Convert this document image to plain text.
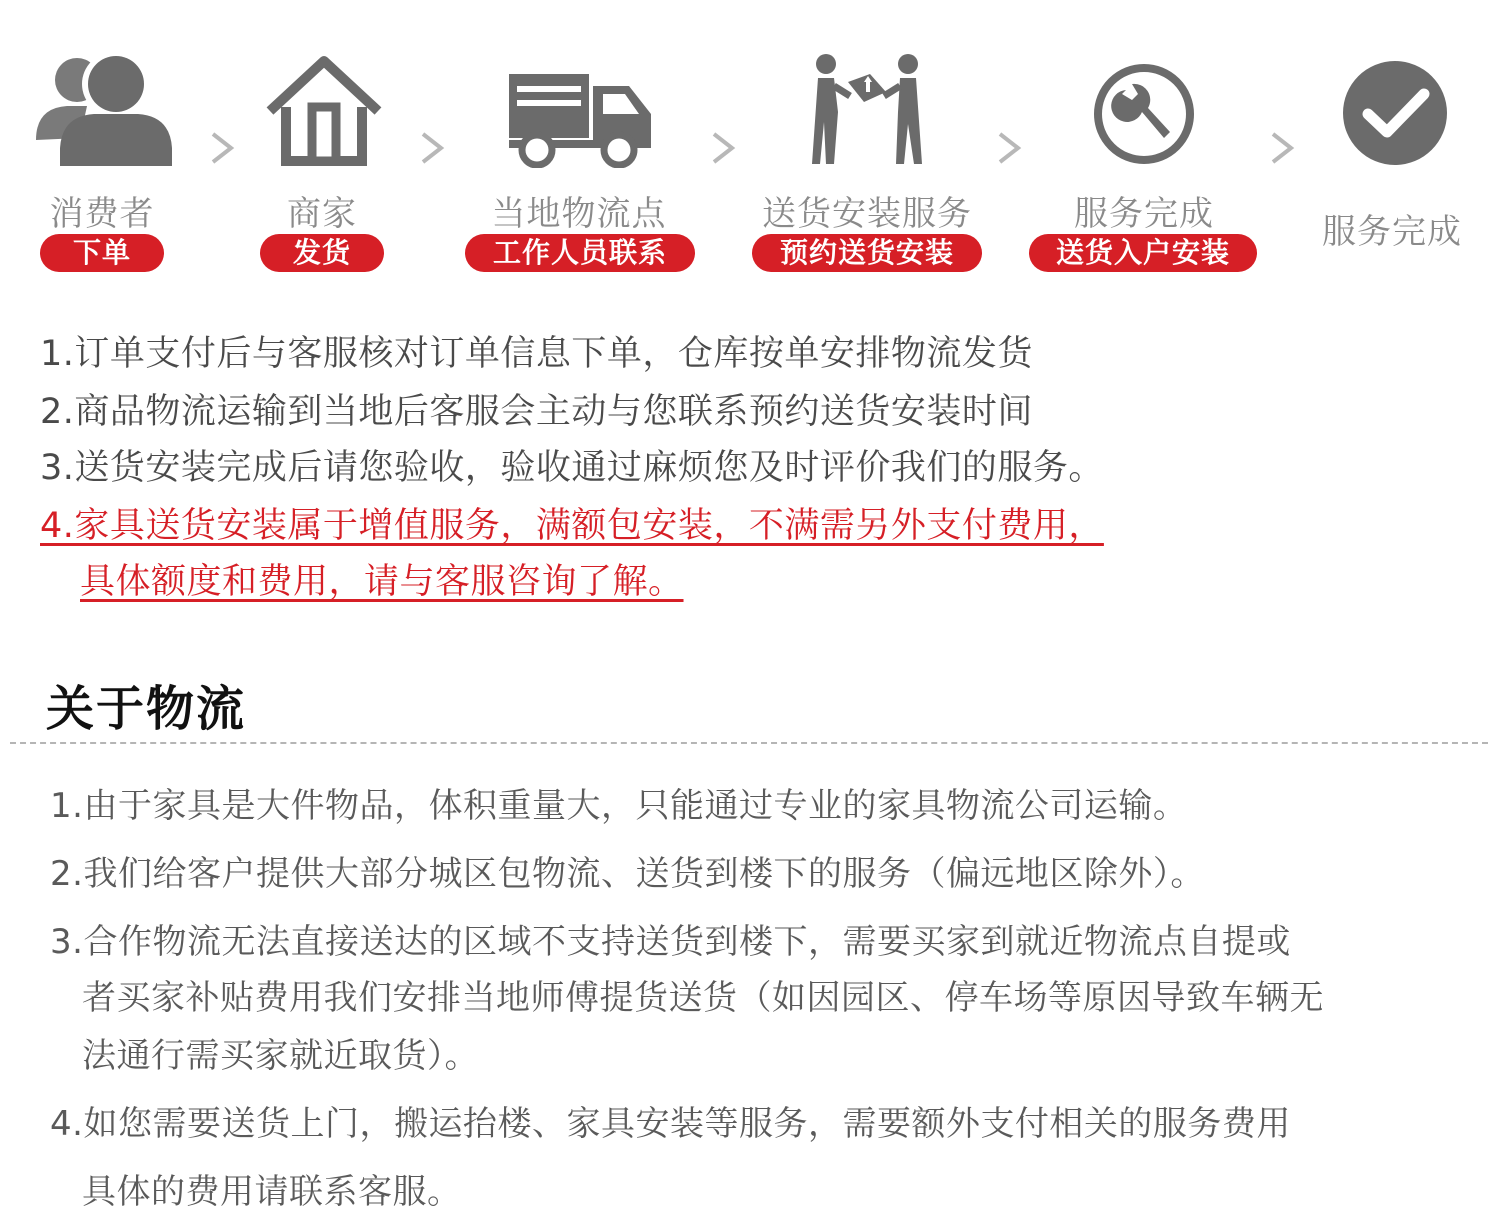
消费者	商家	当地物流点	送货安装服务	服务完成	服务完成
下单	发货	工作人员联系	预约送货安装	送货入户安装
1.订单支付后与客服核对订单信息下单，仓库按单安排物流发货
2.商品物流运输到当地后客服会主动与您联系预约送货安装时间
3.送货安装完成后请您验收，验收通过麻烦您及时评价我们的服务。
4.家具送货安装属于增值服务，满额包安装，不满需另外支付费用，
具体额度和费用，请与客服咨询了解。
关于物流
1.由于家具是大件物品，体积重量大，只能通过专业的家具物流公司运输。
2.我们给客户提供大部分城区包物流、送货到楼下的服务（偏远地区除外）。
3.合作物流无法直接送达的区域不支持送货到楼下，需要买家到就近物流点自提或
者买家补贴费用我们安排当地师傅提货送货（如因园区、停车场等原因导致车辆无
法通行需买家就近取货）。
4.如您需要送货上门，搬运抬楼、家具安装等服务，需要额外支付相关的服务费用
具体的费用请联系客服。
